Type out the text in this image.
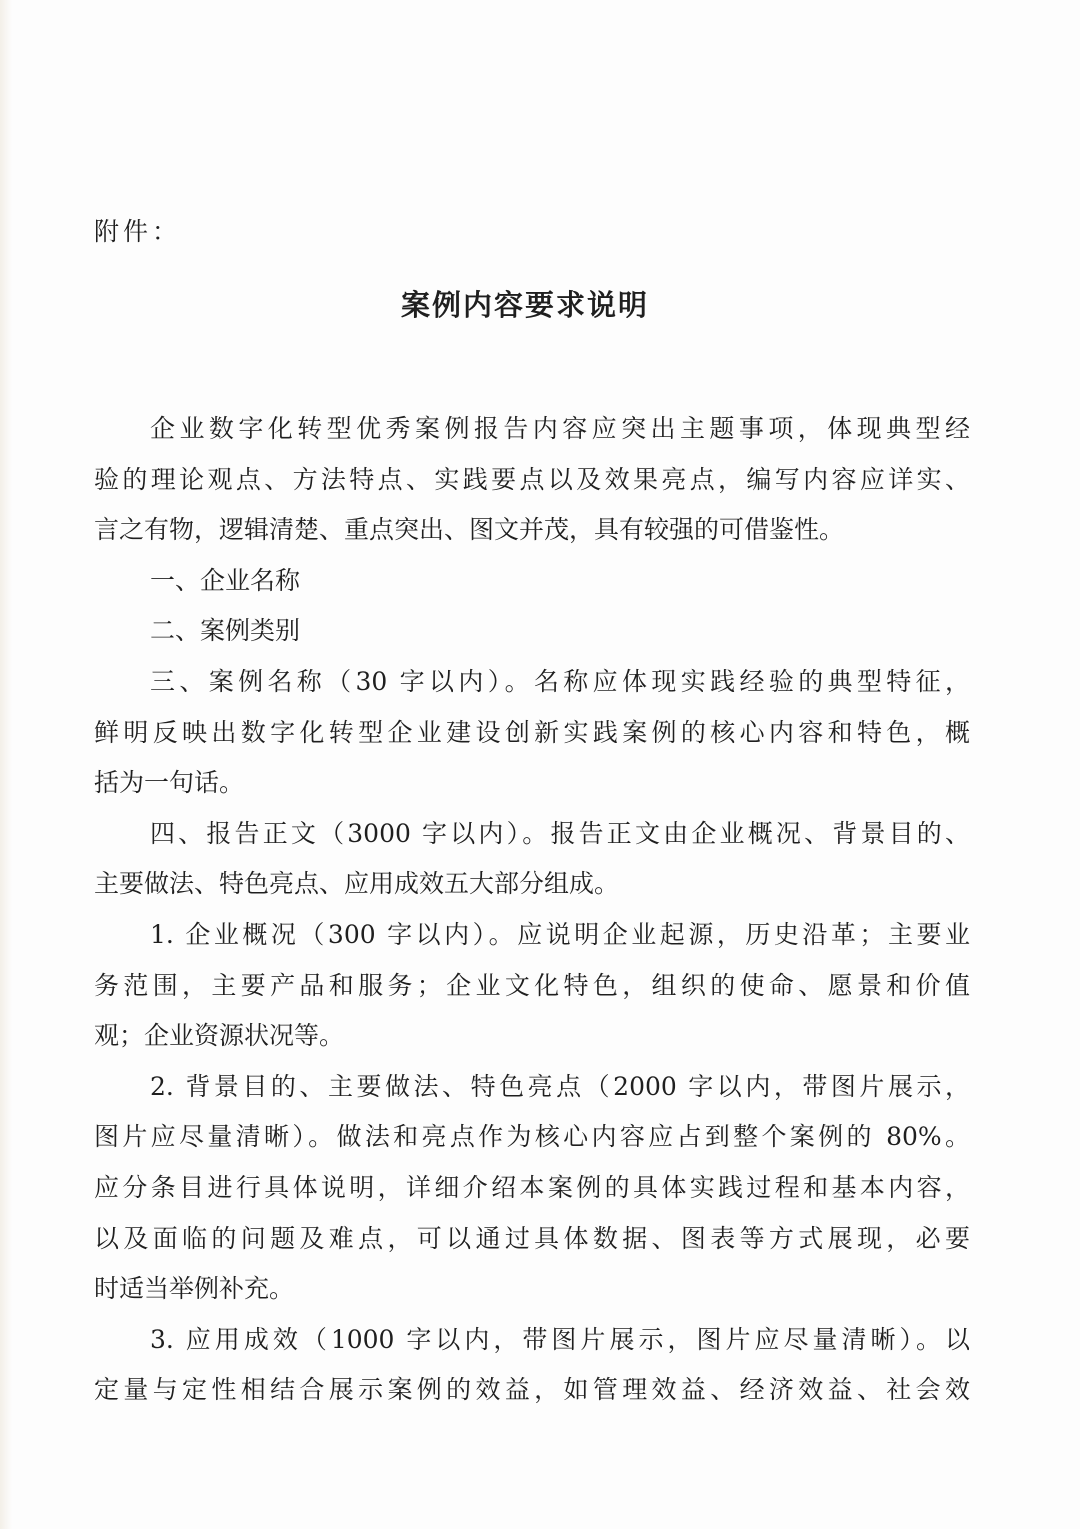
附件：
案例内容要求说明
企业数字化转型优秀案例报告内容应突出主题事项，体现典型经
验的理论观点、方法特点、实践要点以及效果亮点，编写内容应详实、
言之有物，逻辑清楚、重点突出、图文并茂，具有较强的可借鉴性。
一、企业名称
二、案例类别
三、案例名称（30 字以内）。名称应体现实践经验的典型特征，
鲜明反映出数字化转型企业建设创新实践案例的核心内容和特色，概
括为一句话。
四、报告正文（3000 字以内）。报告正文由企业概况、背景目的、
主要做法、特色亮点、应用成效五大部分组成。
1. 企业概况（300 字以内）。应说明企业起源，历史沿革；主要业
务范围，主要产品和服务；企业文化特色，组织的使命、愿景和价值
观；企业资源状况等。
2. 背景目的、主要做法、特色亮点（2000 字以内，带图片展示，
图片应尽量清晰）。做法和亮点作为核心内容应占到整个案例的 80%。
应分条目进行具体说明，详细介绍本案例的具体实践过程和基本内容，
以及面临的问题及难点，可以通过具体数据、图表等方式展现，必要
时适当举例补充。
3. 应用成效（1000 字以内，带图片展示，图片应尽量清晰）。以
定量与定性相结合展示案例的效益，如管理效益、经济效益、社会效
